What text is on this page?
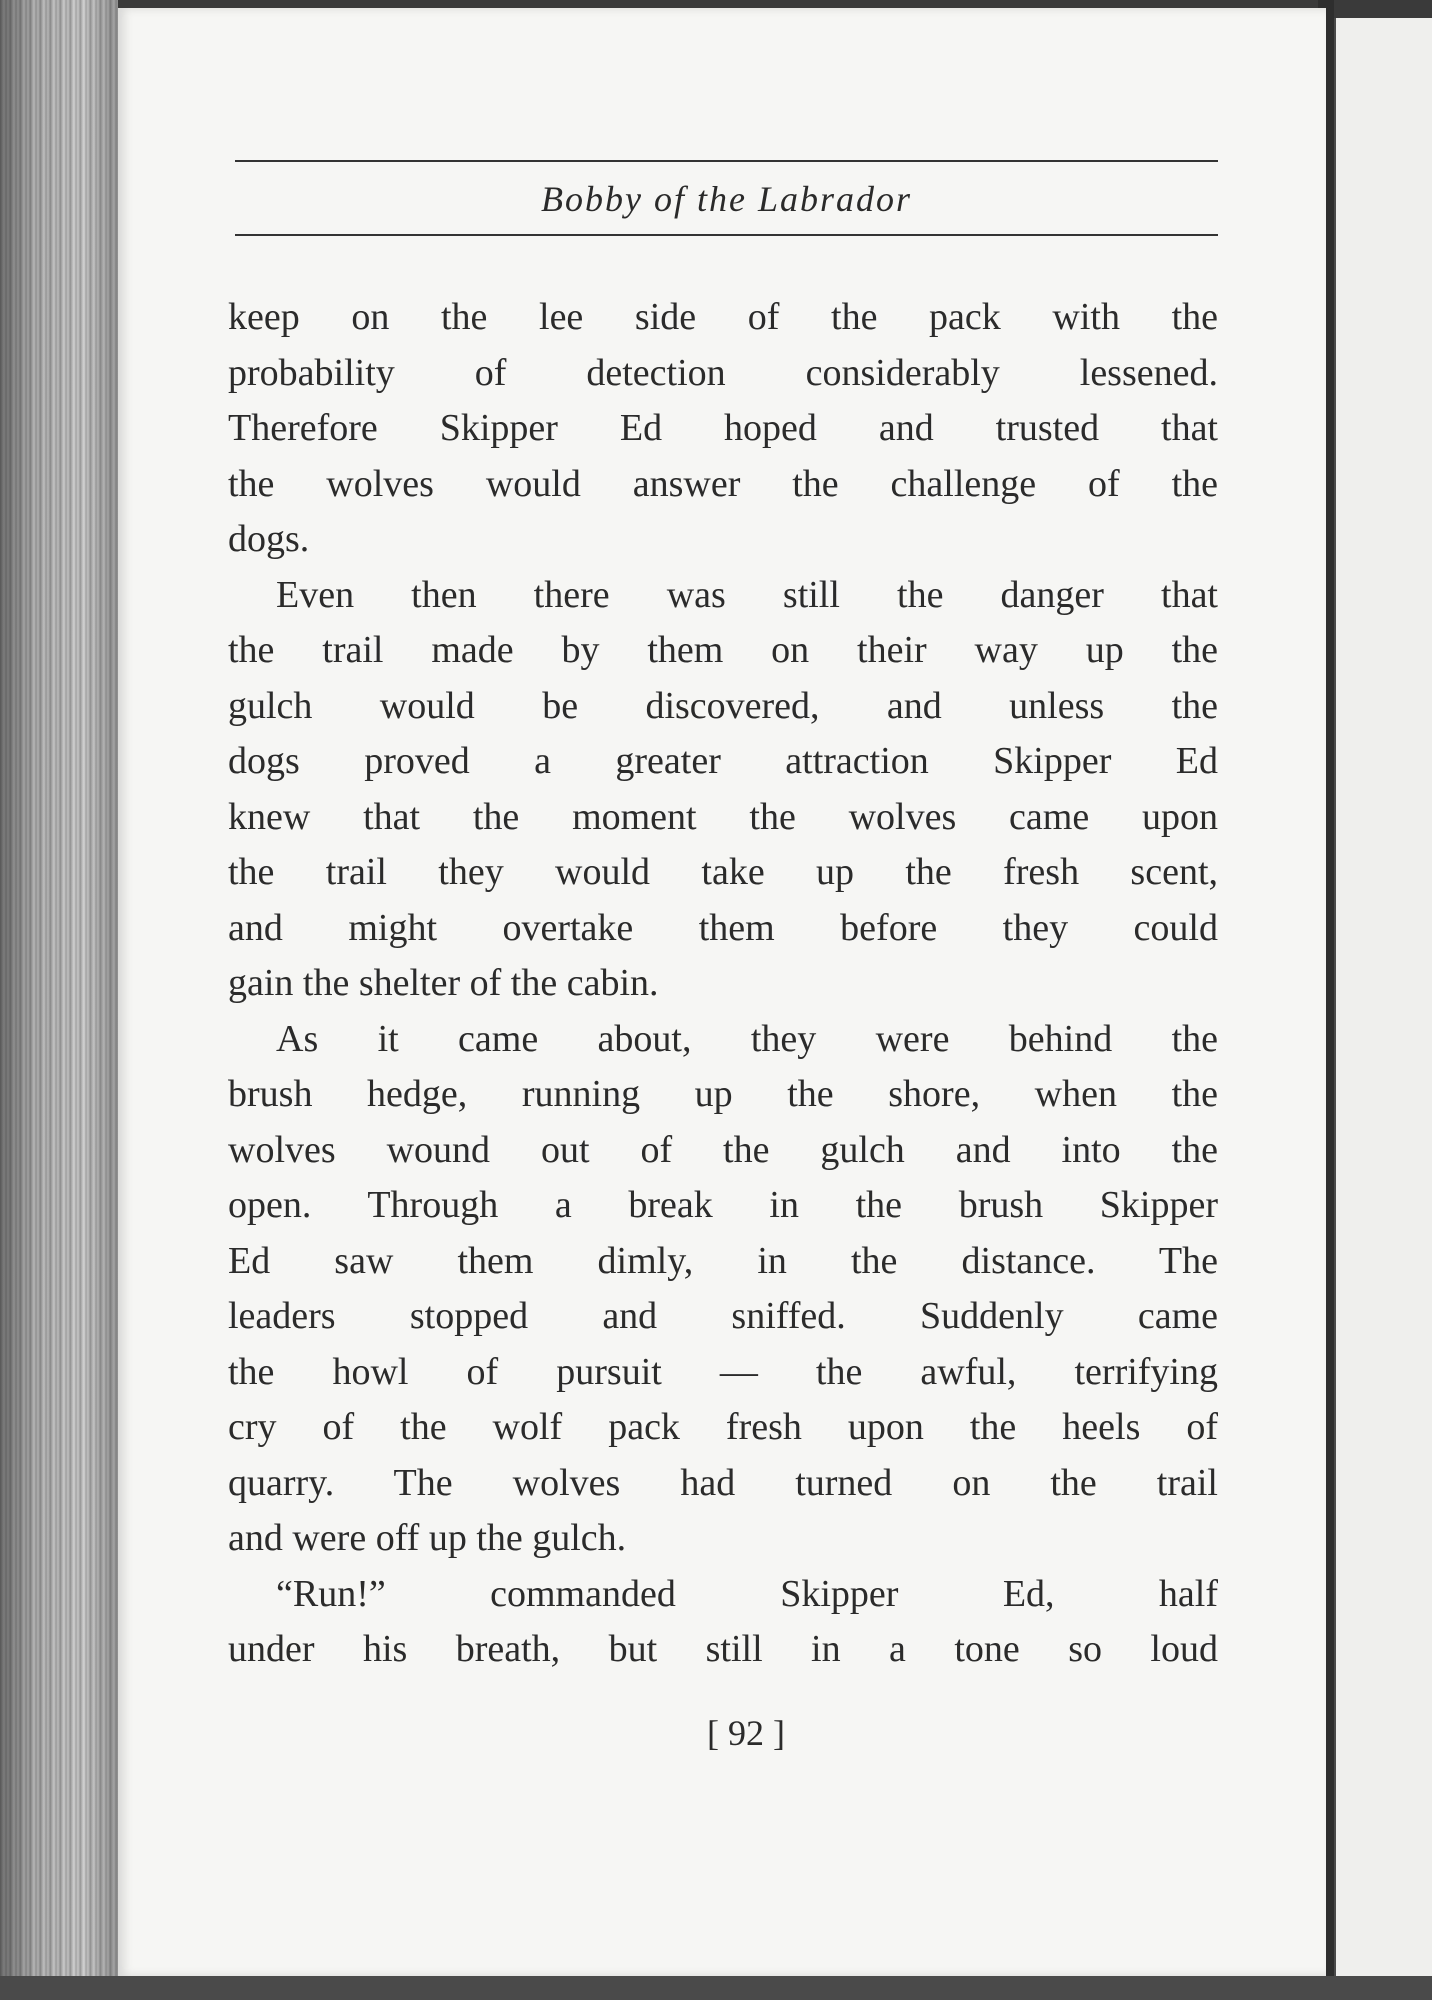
Bobby of the Labrador
keep on the lee side of the pack with the
probability of detection considerably lessened.
Therefore Skipper Ed hoped and trusted that
the wolves would answer the challenge of the
dogs.
Even then there was still the danger that
the trail made by them on their way up the
gulch would be discovered, and unless the
dogs proved a greater attraction Skipper Ed
knew that the moment the wolves came upon
the trail they would take up the fresh scent,
and might overtake them before they could
gain the shelter of the cabin.
As it came about, they were behind the
brush hedge, running up the shore, when the
wolves wound out of the gulch and into the
open. Through a break in the brush Skipper
Ed saw them dimly, in the distance. The
leaders stopped and sniffed. Suddenly came
the howl of pursuit — the awful, terrifying
cry of the wolf pack fresh upon the heels of
quarry. The wolves had turned on the trail
and were off up the gulch.
“Run!” commanded Skipper Ed, half
under his breath, but still in a tone so loud
[ 92 ]
